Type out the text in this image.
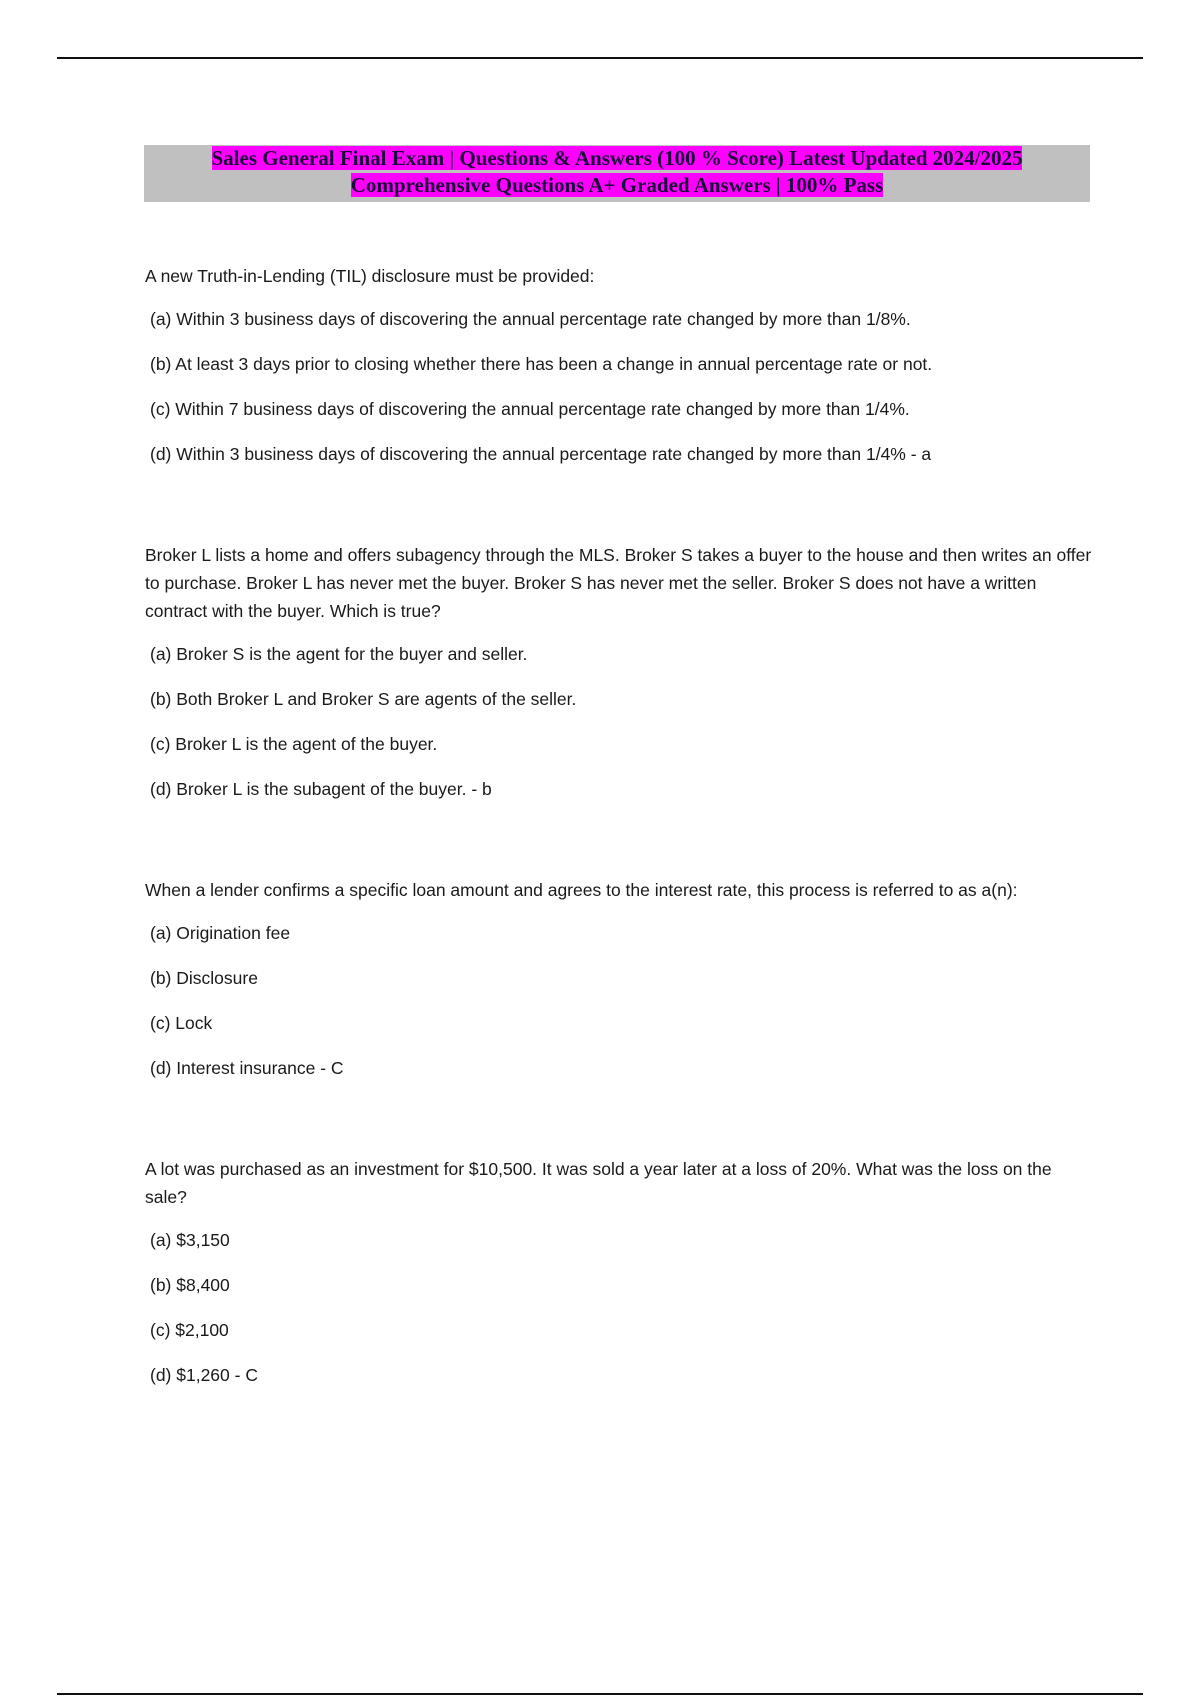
Sales General Final Exam | Questions & Answers (100 % Score) Latest Updated 2024/2025
Comprehensive Questions A+ Graded Answers | 100% Pass
A new Truth-in-Lending (TIL) disclosure must be provided:
(a) Within 3 business days of discovering the annual percentage rate changed by more than 1/8%.
(b) At least 3 days prior to closing whether there has been a change in annual percentage rate or not.
(c) Within 7 business days of discovering the annual percentage rate changed by more than 1/4%.
(d) Within 3 business days of discovering the annual percentage rate changed by more than 1/4% - a
Broker L lists a home and offers subagency through the MLS. Broker S takes a buyer to the house and then writes an offer to purchase. Broker L has never met the buyer. Broker S has never met the seller. Broker S does not have a written contract with the buyer. Which is true?
(a) Broker S is the agent for the buyer and seller.
(b) Both Broker L and Broker S are agents of the seller.
(c) Broker L is the agent of the buyer.
(d) Broker L is the subagent of the buyer. - b
When a lender confirms a specific loan amount and agrees to the interest rate, this process is referred to as a(n):
(a) Origination fee
(b) Disclosure
(c) Lock
(d) Interest insurance - C
A lot was purchased as an investment for $10,500. It was sold a year later at a loss of 20%. What was the loss on the sale?
(a) $3,150
(b) $8,400
(c) $2,100
(d) $1,260 - C
